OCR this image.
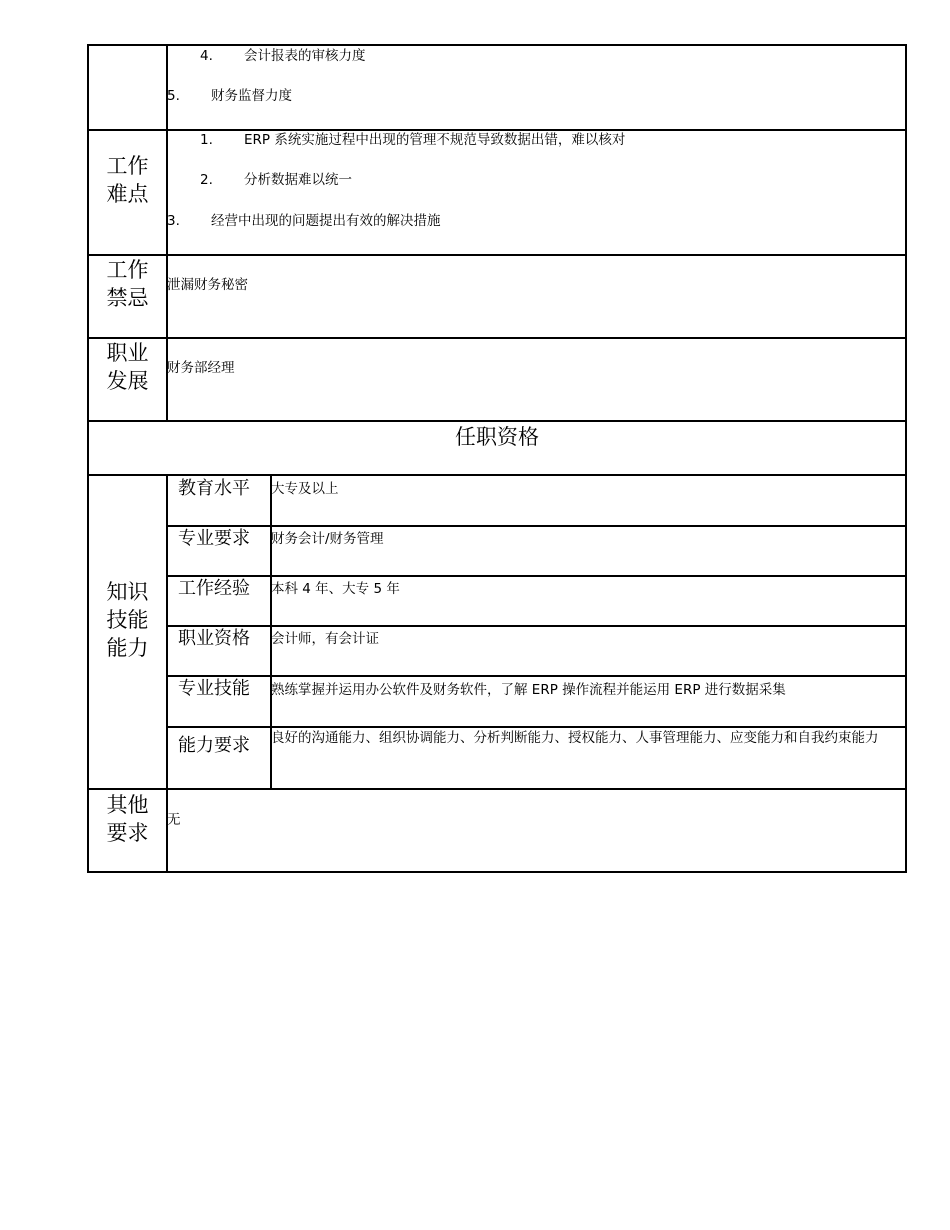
4. 会计报表的审核力度
5. 财务监督力度
工作
难点
1. ERP 系统实施过程中出现的管理不规范导致数据出错，难以核对
2. 分析数据难以统一
3. 经营中出现的问题提出有效的解决措施
工作
禁忌
泄漏财务秘密
职业
发展
财务部经理
任职资格
知识
技能
能力
教育水平 大专及以上
专业要求 财务会计/财务管理
工作经验 本科 4 年、大专 5 年
职业资格 会计师，有会计证
专业技能 熟练掌握并运用办公软件及财务软件，了解 ERP 操作流程并能运用 ERP 进行数据采集
能力要求 良好的沟通能力、组织协调能力、分析判断能力、授权能力、人事管理能力、应变能力和自我约束能力
其他
要求
无
